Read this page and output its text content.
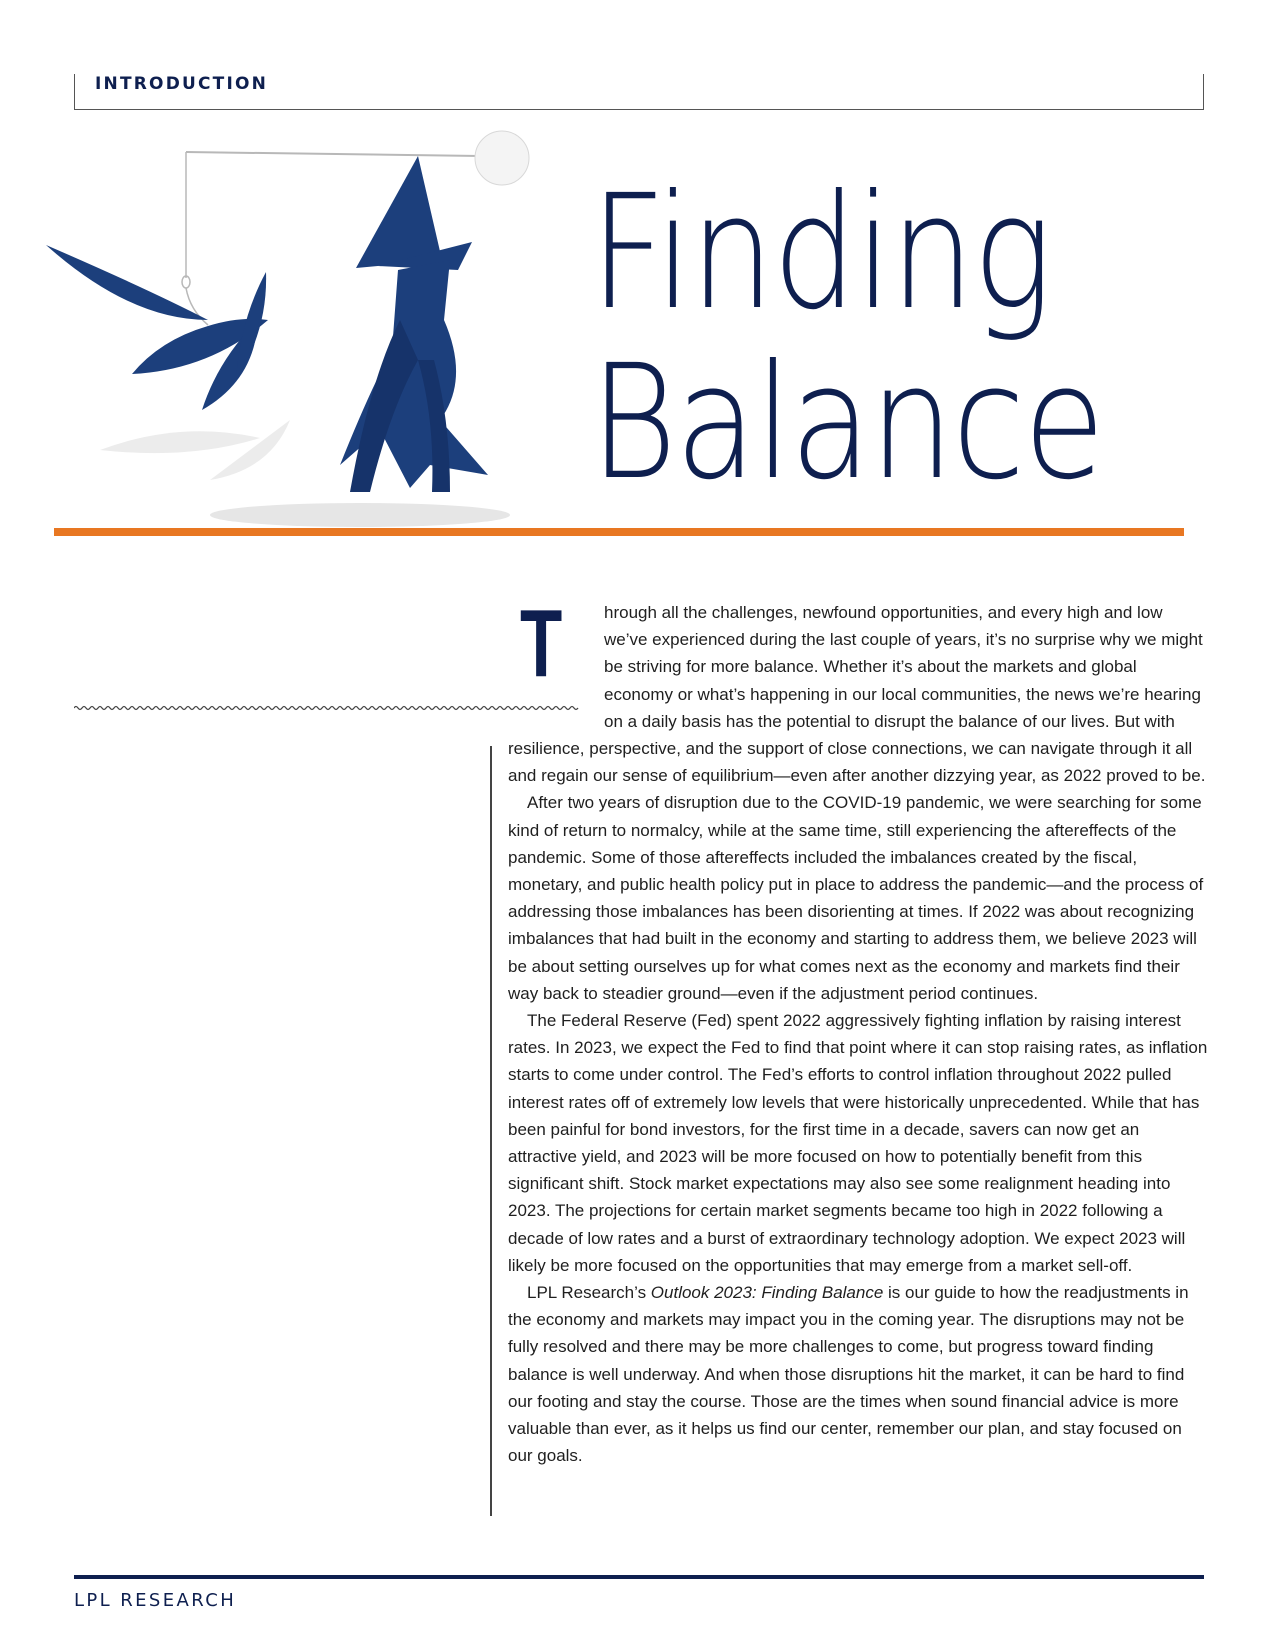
INTRODUCTION
Finding
Balance
T	hrough all the challenges, newfound opportunities, and every high and low we’ve experienced during the last couple of years, it’s no surprise why we might be striving for more balance. Whether it’s about the markets and global economy or what’s happening in our local communities, the news we’re hearing on a daily basis has the potential to disrupt the balance of our lives. But with resilience, perspective, and the support of close connections, we can navigate through it all and regain our sense of equilibrium—even after another dizzying year, as 2022 proved to be.

After two years of disruption due to the COVID-19 pandemic, we were searching for some kind of return to normalcy, while at the same time, still experiencing the aftereffects of the pandemic. Some of those aftereffects included the imbalances created by the fiscal, monetary, and public health policy put in place to address the pandemic—and the process of addressing those imbalances has been disorienting at times. If 2022 was about recognizing imbalances that had built in the economy and starting to address them, we believe 2023 will be about setting ourselves up for what comes next as the economy and markets find their way back to steadier ground—even if the adjustment period continues.

The Federal Reserve (Fed) spent 2022 aggressively fighting inflation by raising interest rates. In 2023, we expect the Fed to find that point where it can stop raising rates, as inflation starts to come under control. The Fed’s efforts to control inflation throughout 2022 pulled interest rates off of extremely low levels that were historically unprecedented. While that has been painful for bond investors, for the first time in a decade, savers can now get an attractive yield, and 2023 will be more focused on how to potentially benefit from this significant shift. Stock market expectations may also see some realignment heading into 2023. The projections for certain market segments became too high in 2022 following a decade of low rates and a burst of extraordinary technology adoption. We expect 2023 will likely be more focused on the opportunities that may emerge from a market sell-off.

LPL Research’s Outlook 2023: Finding Balance is our guide to how the readjustments in the economy and markets may impact you in the coming year. The disruptions may not be fully resolved and there may be more challenges to come, but progress toward finding balance is well underway. And when those disruptions hit the market, it can be hard to find our footing and stay the course. Those are the times when sound financial advice is more valuable than ever, as it helps us find our center, remember our plan, and stay focused on our goals.

LPL RESEARCH
